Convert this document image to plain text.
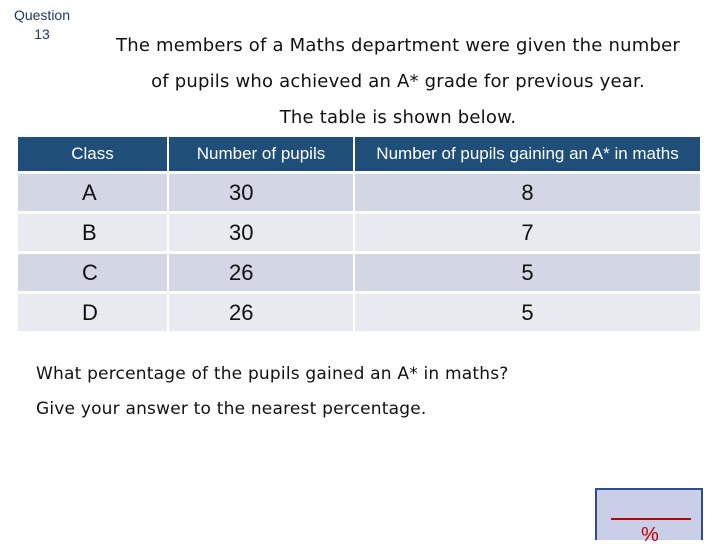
Question
13
The members of a Maths department were given the number
of pupils who achieved an A* grade for previous year.
The table is shown below.
Class	Number of pupils	Number of pupils gaining an A* in maths
A	30	8
B	30	7
C	26	5
D	26	5
What percentage of the pupils gained an A* in maths?
Give your answer to the nearest percentage.
%
